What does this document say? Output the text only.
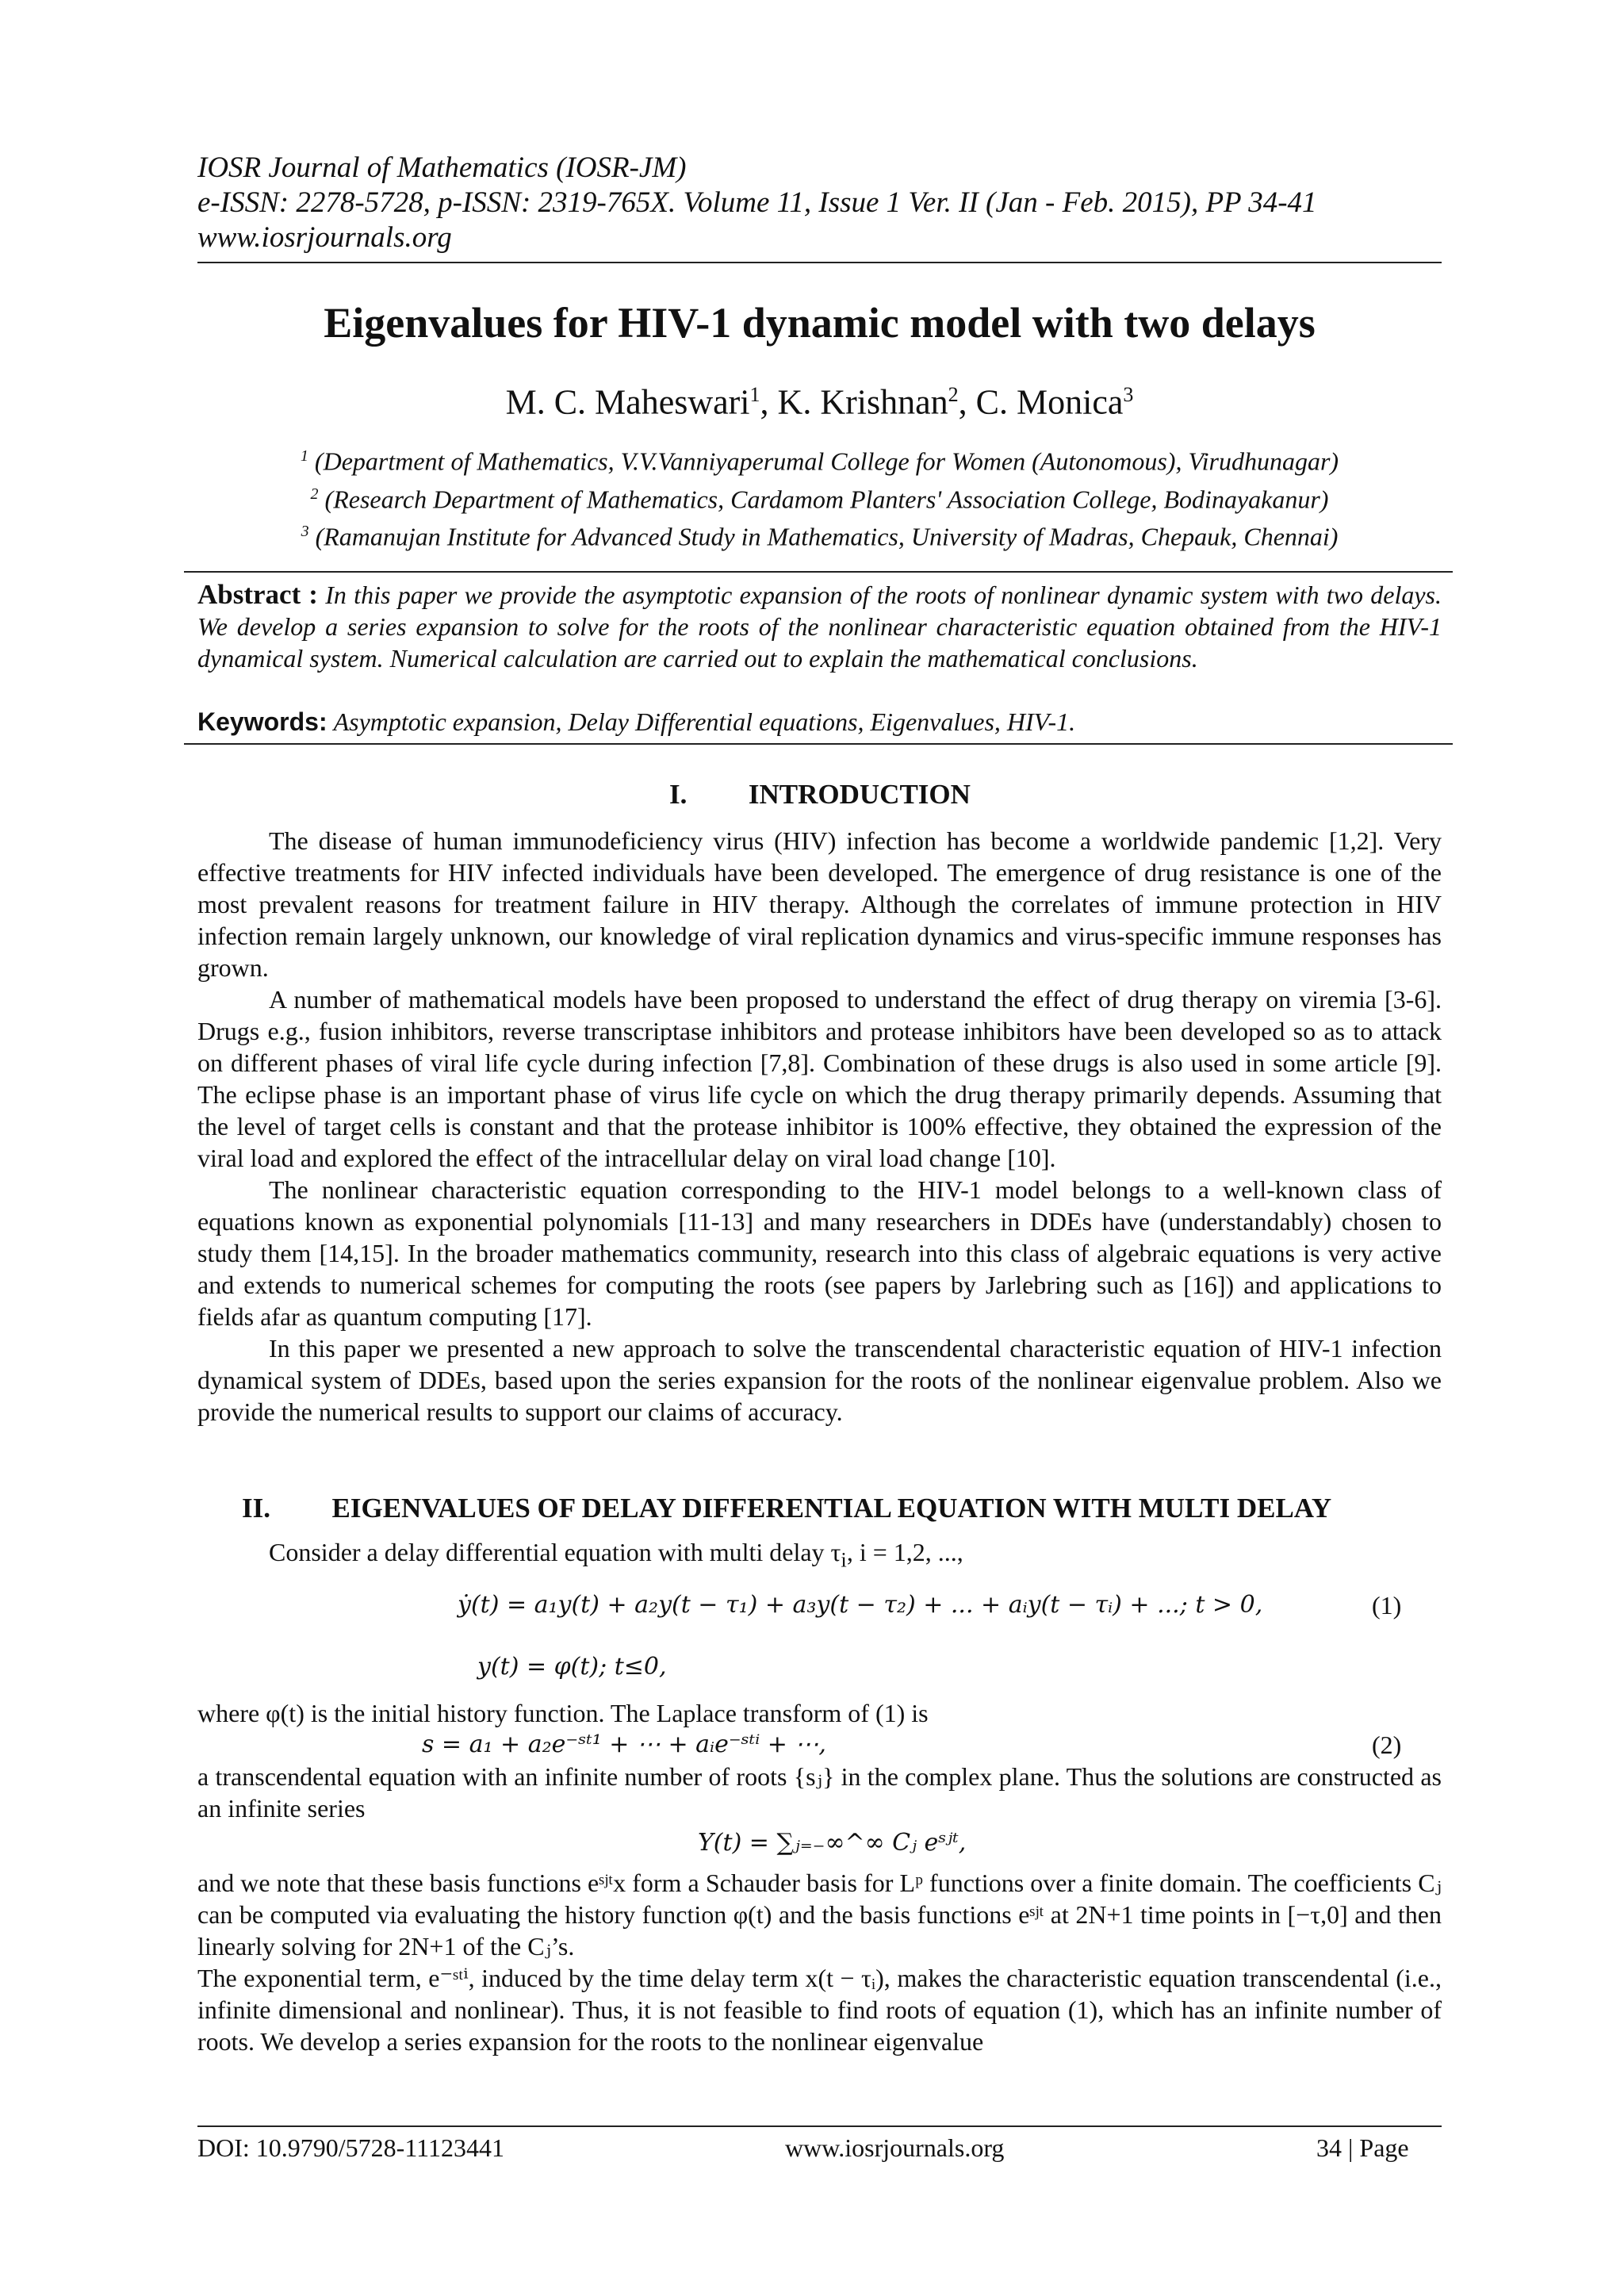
IOSR Journal of Mathematics (IOSR-JM)
e-ISSN: 2278-5728, p-ISSN: 2319-765X. Volume 11, Issue 1 Ver. II (Jan - Feb. 2015), PP 34-41
www.iosrjournals.org
Eigenvalues for HIV-1 dynamic model with two delays
M. C. Maheswari$^1$, K. Krishnan$^2$, C. Monica$^3$
$^1$ (Department of Mathematics, V.V.Vanniyaperumal College for Women (Autonomous), Virudhunagar)
$^2$ (Research Department of Mathematics, Cardamom Planters' Association College, Bodinayakanur)
$^3$ (Ramanujan Institute for Advanced Study in Mathematics, University of Madras, Chepauk, Chennai)
Abstract : In this paper we provide the asymptotic expansion of the roots of nonlinear dynamic system with two delays. We develop a series expansion to solve for the roots of the nonlinear characteristic equation obtained from the HIV-1 dynamical system. Numerical calculation are carried out to explain the mathematical conclusions.
Keywords: Asymptotic expansion, Delay Differential equations, Eigenvalues, HIV-1.
I. INTRODUCTION

The disease of human immunodeficiency virus (HIV) infection has become a worldwide pandemic [1,2]. Very effective treatments for HIV infected individuals have been developed. The emergence of drug resistance is one of the most prevalent reasons for treatment failure in HIV therapy. Although the correlates of immune protection in HIV infection remain largely unknown, our knowledge of viral replication dynamics and virus-specific immune responses has grown.

A number of mathematical models have been proposed to understand the effect of drug therapy on viremia [3-6]. Drugs e.g., fusion inhibitors, reverse transcriptase inhibitors and protease inhibitors have been developed so as to attack on different phases of viral life cycle during infection [7,8]. Combination of these drugs is also used in some article [9]. The eclipse phase is an important phase of virus life cycle on which the drug therapy primarily depends. Assuming that the level of target cells is constant and that the protease inhibitor is 100% effective, they obtained the expression of the viral load and explored the effect of the intracellular delay on viral load change [10].

The nonlinear characteristic equation corresponding to the HIV-1 model belongs to a well-known class of equations known as exponential polynomials [11-13] and many researchers in DDEs have (understandably) chosen to study them [14,15]. In the broader mathematics community, research into this class of algebraic equations is very active and extends to numerical schemes for computing the roots (see papers by Jarlebring such as [16]) and applications to fields afar as quantum computing [17].

In this paper we presented a new approach to solve the transcendental characteristic equation of HIV-1 infection dynamical system of DDEs, based upon the series expansion for the roots of the nonlinear eigenvalue problem. Also we provide the numerical results to support our claims of accuracy.

II. EIGENVALUES OF DELAY DIFFERENTIAL EQUATION WITH MULTI DELAY

Consider a delay differential equation with multi delay $\tau_i$, i = 1,2, ...,

ẏ(t) = a₁y(t) + a₂y(t − τ₁) + a₃y(t − τ₂) + ... + aᵢy(t − τᵢ) + ...; t > 0,	(1)
y(t) = φ(t); t≤0,
where φ(t) is the initial history function. The Laplace transform of (1) is
s = a₁ + a₂e⁻ˢᵗ¹ + ⋯ + aᵢe⁻ˢᵗⁱ + ⋯,	(2)
a transcendental equation with an infinite number of roots {sⱼ} in the complex plane. Thus the solutions are constructed as an infinite series
Y(t) = ∑ⱼ₌₋∞^∞ Cⱼ eˢʲᵗ,
and we note that these basis functions eˢʲᵗx form a Schauder basis for Lᵖ functions over a finite domain. The coefficients Cⱼ can be computed via evaluating the history function φ(t) and the basis functions eˢʲᵗ at 2N+1 time points in [−τ,0] and then linearly solving for 2N+1 of the Cⱼ’s.
The exponential term, e⁻ˢᵗⁱ, induced by the time delay term x(t − τᵢ), makes the characteristic equation transcendental (i.e., infinite dimensional and nonlinear). Thus, it is not feasible to find roots of equation (1), which has an infinite number of roots. We develop a series expansion for the roots to the nonlinear eigenvalue
DOI: 10.9790/5728-11123441	www.iosrjournals.org	34 | Page
